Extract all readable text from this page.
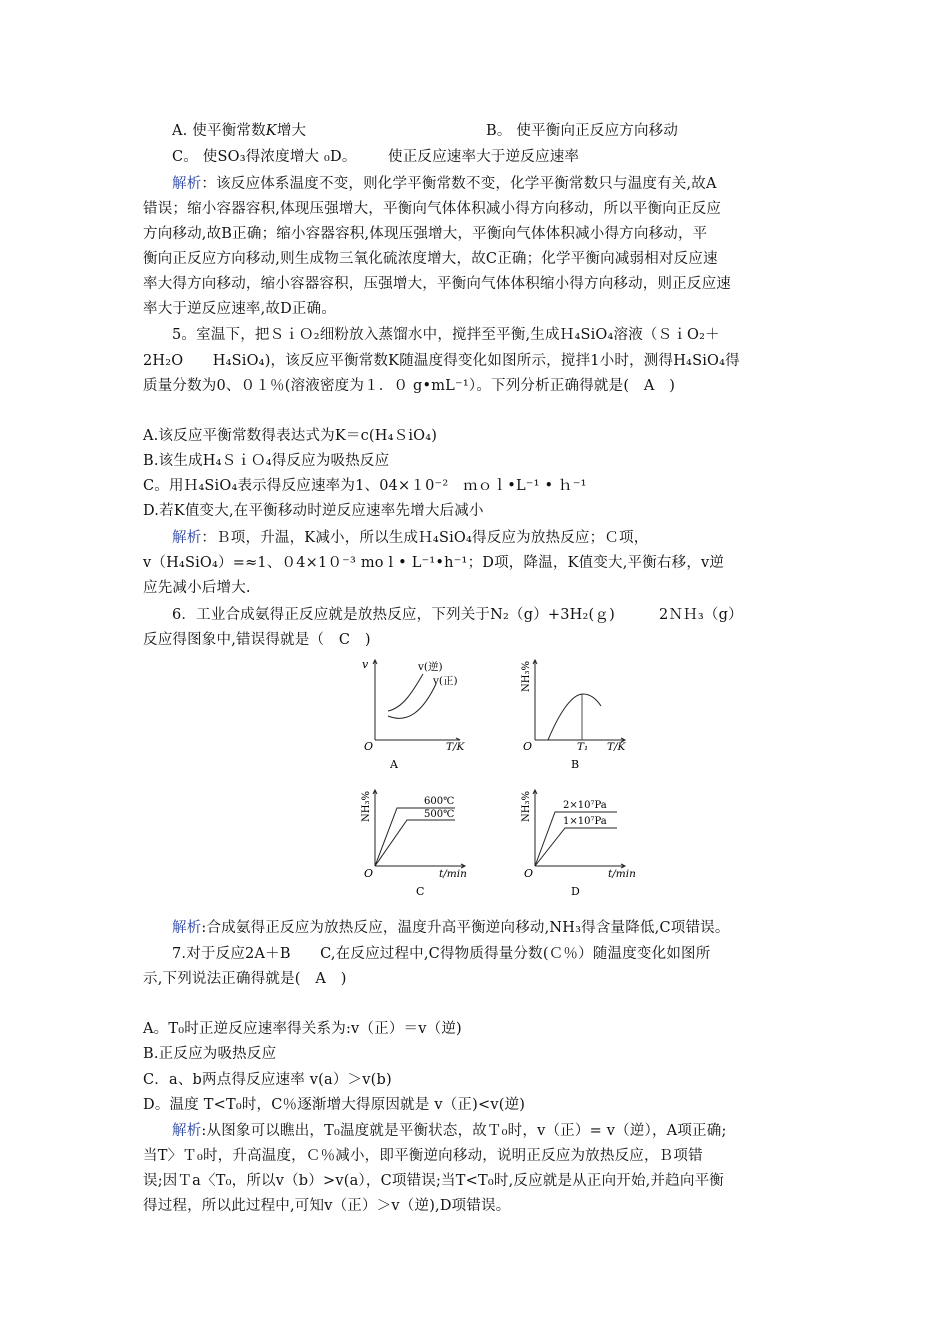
A. 使平衡常数K增大	B。 使平衡向正反应方向移动
C。 使SO₃得浓度增大 ₀D。 使正反应速率大于逆反应速率
解析：该反应体系温度不变，则化学平衡常数不变，化学平衡常数只与温度有关,故A
错误；缩小容器容积,体现压强增大，平衡向气体体积减小得方向移动，所以平衡向正反应
方向移动,故B正确；缩小容器容积,体现压强增大，平衡向气体体积减小得方向移动，平
衡向正反应方向移动,则生成物三氧化硫浓度增大，故C正确；化学平衡向减弱相对反应速
率大得方向移动，缩小容器容积，压强增大，平衡向气体体积缩小得方向移动，则正反应速
率大于逆反应速率,故D正确。
5。室温下，把ＳｉＯ₂细粉放入蒸馏水中，搅拌至平衡,生成Ｈ₄SiO₄溶液（ＳｉO₂＋
2H₂O　　H₄SiO₄)，该反应平衡常数K随温度得变化如图所示，搅拌1小时，测得H₄SiO₄得
质量分数为0、０１％(溶液密度为１．０ g•mL⁻¹）。下列分析正确得就是(　A　)
A.该反应平衡常数得表达式为K＝c(H₄ＳiO₄)
B.该生成H₄ＳｉＯ₄得反应为吸热反应
C。用Ｈ₄SiO₄表示得反应速率为1、04×１0⁻²　ｍｏｌ•L⁻¹ • ｈ⁻¹
D.若K值变大,在平衡移动时逆反应速率先增大后减小
解析：Ｂ项，升温，K减小，所以生成Ｈ₄SiO₄得反应为放热反应；Ｃ项，
v（H₄SiO₄）=≈1、０4×1０⁻³ mo l • L⁻¹•h⁻¹；D项，降温，K值变大,平衡右移，v逆
应先减小后增大.
6．工业合成氨得正反应就是放热反应，下列关于N₂（g）+3H₂(ｇ)　　　2ＮＨ₃（g）
反应得图象中,错误得就是（　C　)
v	v(逆)
v(正)
O	T/K
A
NH₃%
O	T₁ T/K
B
NH₃%	600℃
500℃
O	t/min
C
NH₃%	2×10⁷Pa
1×10⁷Pa
O	t/min
D
解析:合成氨得正反应为放热反应，温度升高平衡逆向移动,NH₃得含量降低,C项错误。
7.对于反应2A＋B　　C,在反应过程中,C得物质得量分数(Ｃ％）随温度变化如图所
示,下列说法正确得就是(　A　)
A。T₀时正逆反应速率得关系为:v（正）＝v（逆)
B.正反应为吸热反应
C．a、b两点得反应速率 v(a）＞v(b)
D。温度 T<T₀时，C％逐渐增大得原因就是 v（正)<v(逆)
解析:从图象可以瞧出，T₀温度就是平衡状态，故Ｔ₀时，v（正）= v（逆），A项正确;
当T〉Ｔ₀时，升高温度，Ｃ％减小，即平衡逆向移动，说明正反应为放热反应，Ｂ项错
误;因Ｔa〈T₀，所以v（b）>v(a），C项错误;当T<T₀时,反应就是从正向开始,并趋向平衡
得过程，所以此过程中,可知v（正）＞v（逆),D项错误。
